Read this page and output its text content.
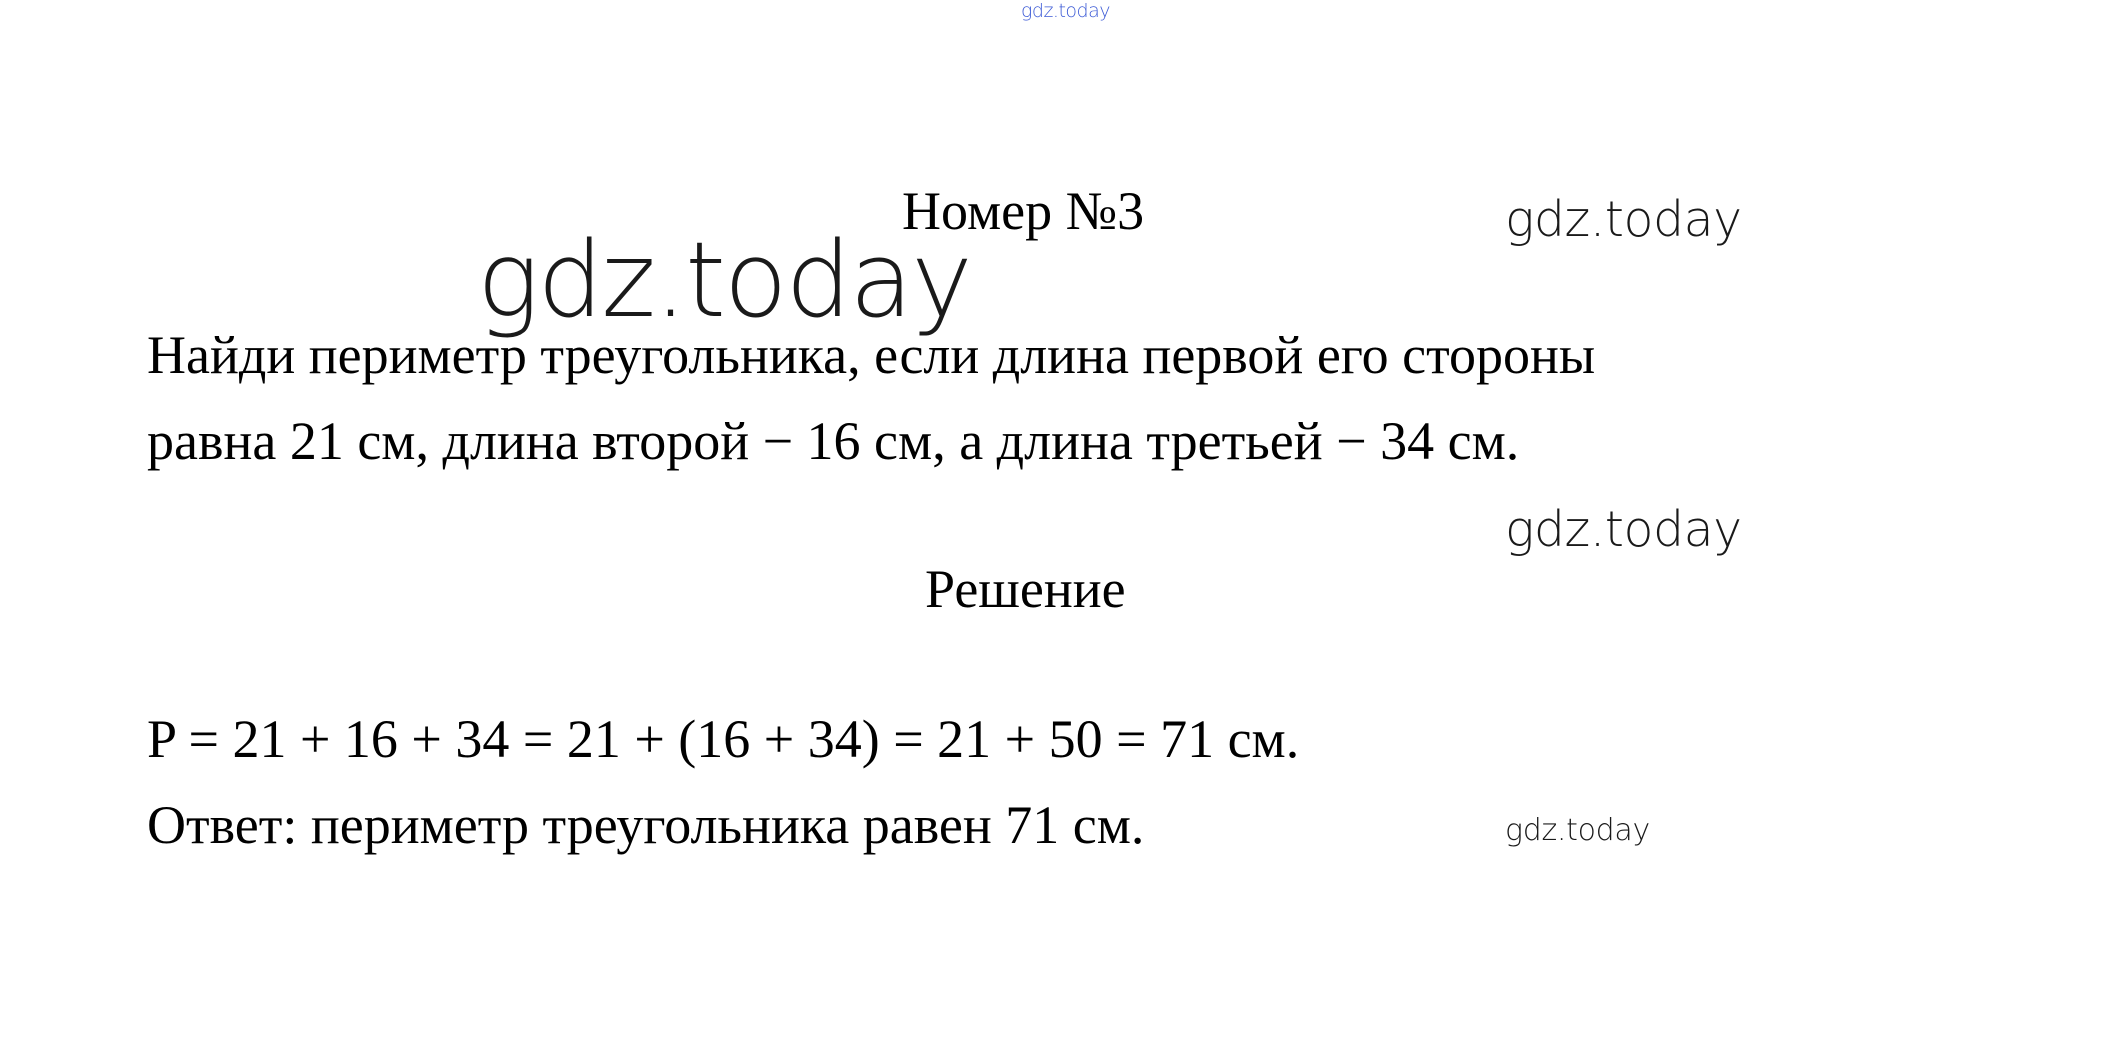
gdz.today
Номер №3	gdz.today
gdz.today
Найди периметр треугольника, если длина первой его стороны
равна 21 см, длина второй − 16 см, а длина третьей − 34 см.
gdz.today
Решение
P = 21 + 16 + 34 = 21 + (16 + 34) = 21 + 50 = 71 см.
Ответ: периметр треугольника равен 71 см.	gdz.today
